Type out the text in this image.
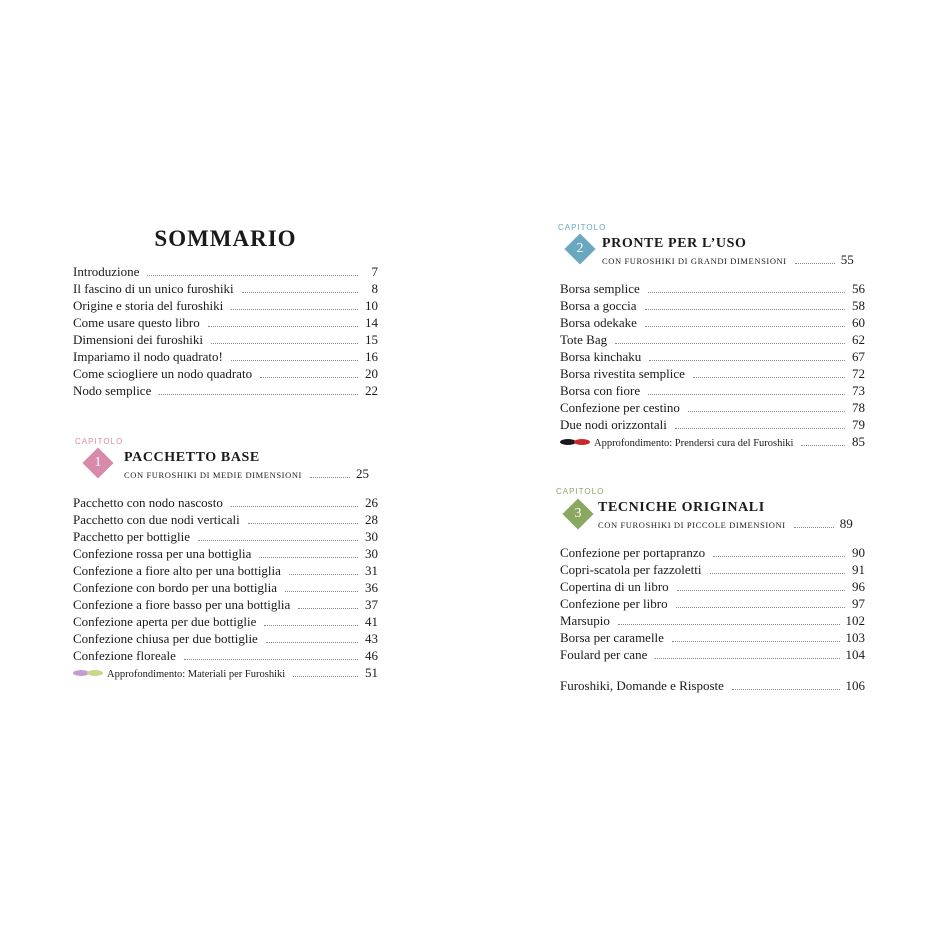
SOMMARIO
Introduzione	7
Il fascino di un unico furoshiki	8
Origine e storia del furoshiki	10
Come usare questo libro	14
Dimensioni dei furoshiki	15
Impariamo il nodo quadrato!	16
Come sciogliere un nodo quadrato	20
Nodo semplice	22
CAPITOLO
1	PACCHETTO BASE
CON FUROSHIKI DI MEDIE DIMENSIONI	25
Pacchetto con nodo nascosto	26
Pacchetto con due nodi verticali	28
Pacchetto per bottiglie	30
Confezione rossa per una bottiglia	30
Confezione a fiore alto per una bottiglia	31
Confezione con bordo per una bottiglia	36
Confezione a fiore basso per una bottiglia	37
Confezione aperta per due bottiglie	41
Confezione chiusa per due bottiglie	43
Confezione floreale	46
Approfondimento: Materiali per Furoshiki	51
CAPITOLO
2	PRONTE PER L’USO
CON FUROSHIKI DI GRANDI DIMENSIONI	55
Borsa semplice	56
Borsa a goccia	58
Borsa odekake	60
Tote Bag	62
Borsa kinchaku	67
Borsa rivestita semplice	72
Borsa con fiore	73
Confezione per cestino	78
Due nodi orizzontali	79
Approfondimento: Prendersi cura del Furoshiki	85
CAPITOLO
3	TECNICHE ORIGINALI
CON FUROSHIKI DI PICCOLE DIMENSIONI	89
Confezione per portapranzo	90
Copri-scatola per fazzoletti	91
Copertina di un libro	96
Confezione per libro	97
Marsupio	102
Borsa per caramelle	103
Foulard per cane	104
Furoshiki, Domande e Risposte	106
